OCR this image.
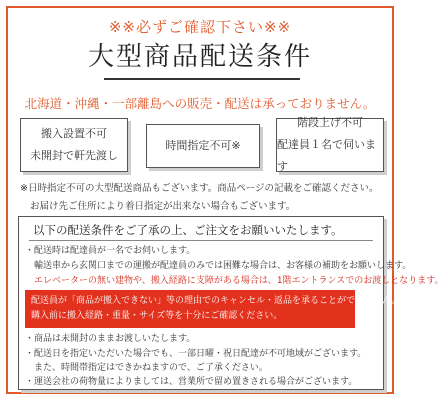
※※必ずご確認下さい※※
大型商品配送条件
北海道・沖縄・一部離島への販売・配送は承っておりません。
搬入設置不可
未開封で軒先渡し
時間指定不可※
階段上げ不可
配達員１名で伺います
※日時指定不可の大型配送商品もございます。商品ページの記載をご確認ください。
お届け先ご住所により着日指定が出来ない場合もございます。
以下の配送条件をご了承の上、ご注文をお願いいたします。
・配送時は配達員が一名でお伺いします。
　輸送車から玄関口までの運搬が配達員のみでは困難な場合は、お客様の補助をお願いします。
　エレベーターの無い建物や、搬入経路に支障がある場合は、1階エントランスでのお渡しとなります。
配送員が「商品が搬入できない」等の理由でのキャンセル・返品を承ることができません。
購入前に搬入経路・重量・サイズ等を十分にご確認ください。
・商品は未開封のままお渡しいたします。
・配送日を指定いただいた場合でも、一部日曜・祝日配達が不可地域がございます。
　また、時間帯指定はできかねますので、ご了承ください。
・運送会社の荷物量によりましては、営業所で留め置きされる場合がございます。
